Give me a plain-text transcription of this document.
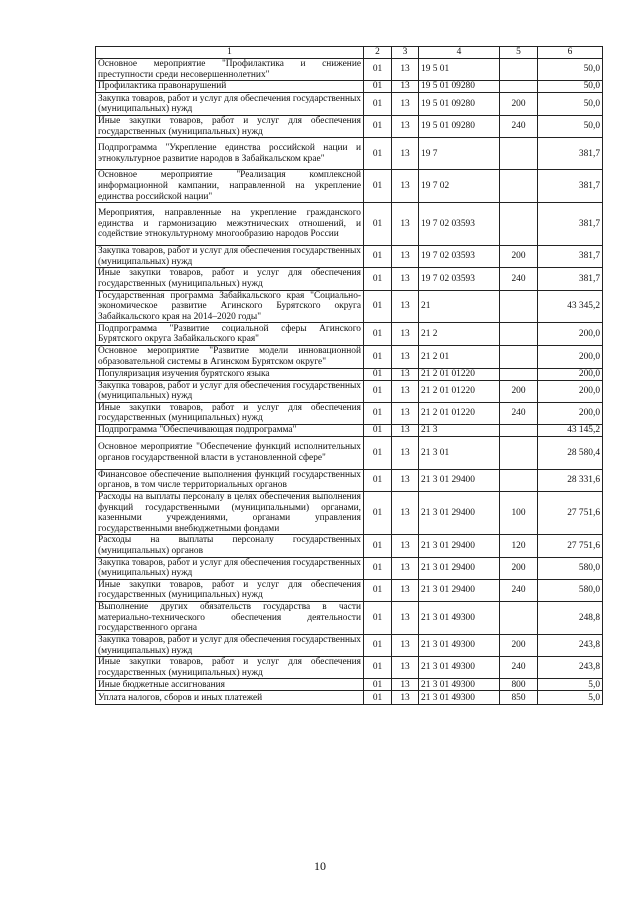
1	2	3	4	5	6
Основное мероприятие "Профилактика и снижение преступности среди несовершеннолетних"	01	13	19 5 01		50,0
Профилактика правонарушений	01	13	19 5 01 09280		50,0
Закупка товаров, работ и услуг для обеспечения государственных (муниципальных) нужд	01	13	19 5 01 09280	200	50,0
Иные закупки товаров, работ и услуг для обеспечения государственных (муниципальных) нужд	01	13	19 5 01 09280	240	50,0
Подпрограмма "Укрепление единства российской нации и этнокультурное развитие народов в Забайкальском крае"	01	13	19 7		381,7
Основное мероприятие "Реализация комплексной информационной кампании, направленной на укрепление единства российской нации"	01	13	19 7 02		381,7
Мероприятия, направленные на укрепление гражданского единства и гармонизацию межэтнических отношений, и содействие этнокультурному многообразию народов России	01	13	19 7 02 03593		381,7
Закупка товаров, работ и услуг для обеспечения государственных (муниципальных) нужд	01	13	19 7 02 03593	200	381,7
Иные закупки товаров, работ и услуг для обеспечения государственных (муниципальных) нужд	01	13	19 7 02 03593	240	381,7
Государственная программа Забайкальского края "Социально-экономическое развитие Агинского Бурятского округа Забайкальского края на 2014–2020 годы"	01	13	21		43 345,2
Подпрограмма "Развитие социальной сферы Агинского Бурятского округа Забайкальского края"	01	13	21 2		200,0
Основное мероприятие "Развитие модели инновационной образовательной системы в Агинском Бурятском округе"	01	13	21 2 01		200,0
Популяризация изучения бурятского языка	01	13	21 2 01 01220		200,0
Закупка товаров, работ и услуг для обеспечения государственных (муниципальных) нужд	01	13	21 2 01 01220	200	200,0
Иные закупки товаров, работ и услуг для обеспечения государственных (муниципальных) нужд	01	13	21 2 01 01220	240	200,0
Подпрограмма "Обеспечивающая подпрограмма"	01	13	21 3		43 145,2
Основное мероприятие "Обеспечение функций исполнительных органов государственной власти в установленной сфере"	01	13	21 3 01		28 580,4
Финансовое обеспечение выполнения функций государственных органов, в том числе территориальных органов	01	13	21 3 01 29400		28 331,6
Расходы на выплаты персоналу в целях обеспечения выполнения функций государственными (муниципальными) органами, казенными учреждениями, органами управления государственными внебюджетными фондами	01	13	21 3 01 29400	100	27 751,6
Расходы на выплаты персоналу государственных (муниципальных) органов	01	13	21 3 01 29400	120	27 751,6
Закупка товаров, работ и услуг для обеспечения государственных (муниципальных) нужд	01	13	21 3 01 29400	200	580,0
Иные закупки товаров, работ и услуг для обеспечения государственных (муниципальных) нужд	01	13	21 3 01 29400	240	580,0
Выполнение других обязательств государства в части материально-технического обеспечения деятельности государственного органа	01	13	21 3 01 49300		248,8
Закупка товаров, работ и услуг для обеспечения государственных (муниципальных) нужд	01	13	21 3 01 49300	200	243,8
Иные закупки товаров, работ и услуг для обеспечения государственных (муниципальных) нужд	01	13	21 3 01 49300	240	243,8
Иные бюджетные ассигнования	01	13	21 3 01 49300	800	5,0
Уплата налогов, сборов и иных платежей	01	13	21 3 01 49300	850	5,0
10
